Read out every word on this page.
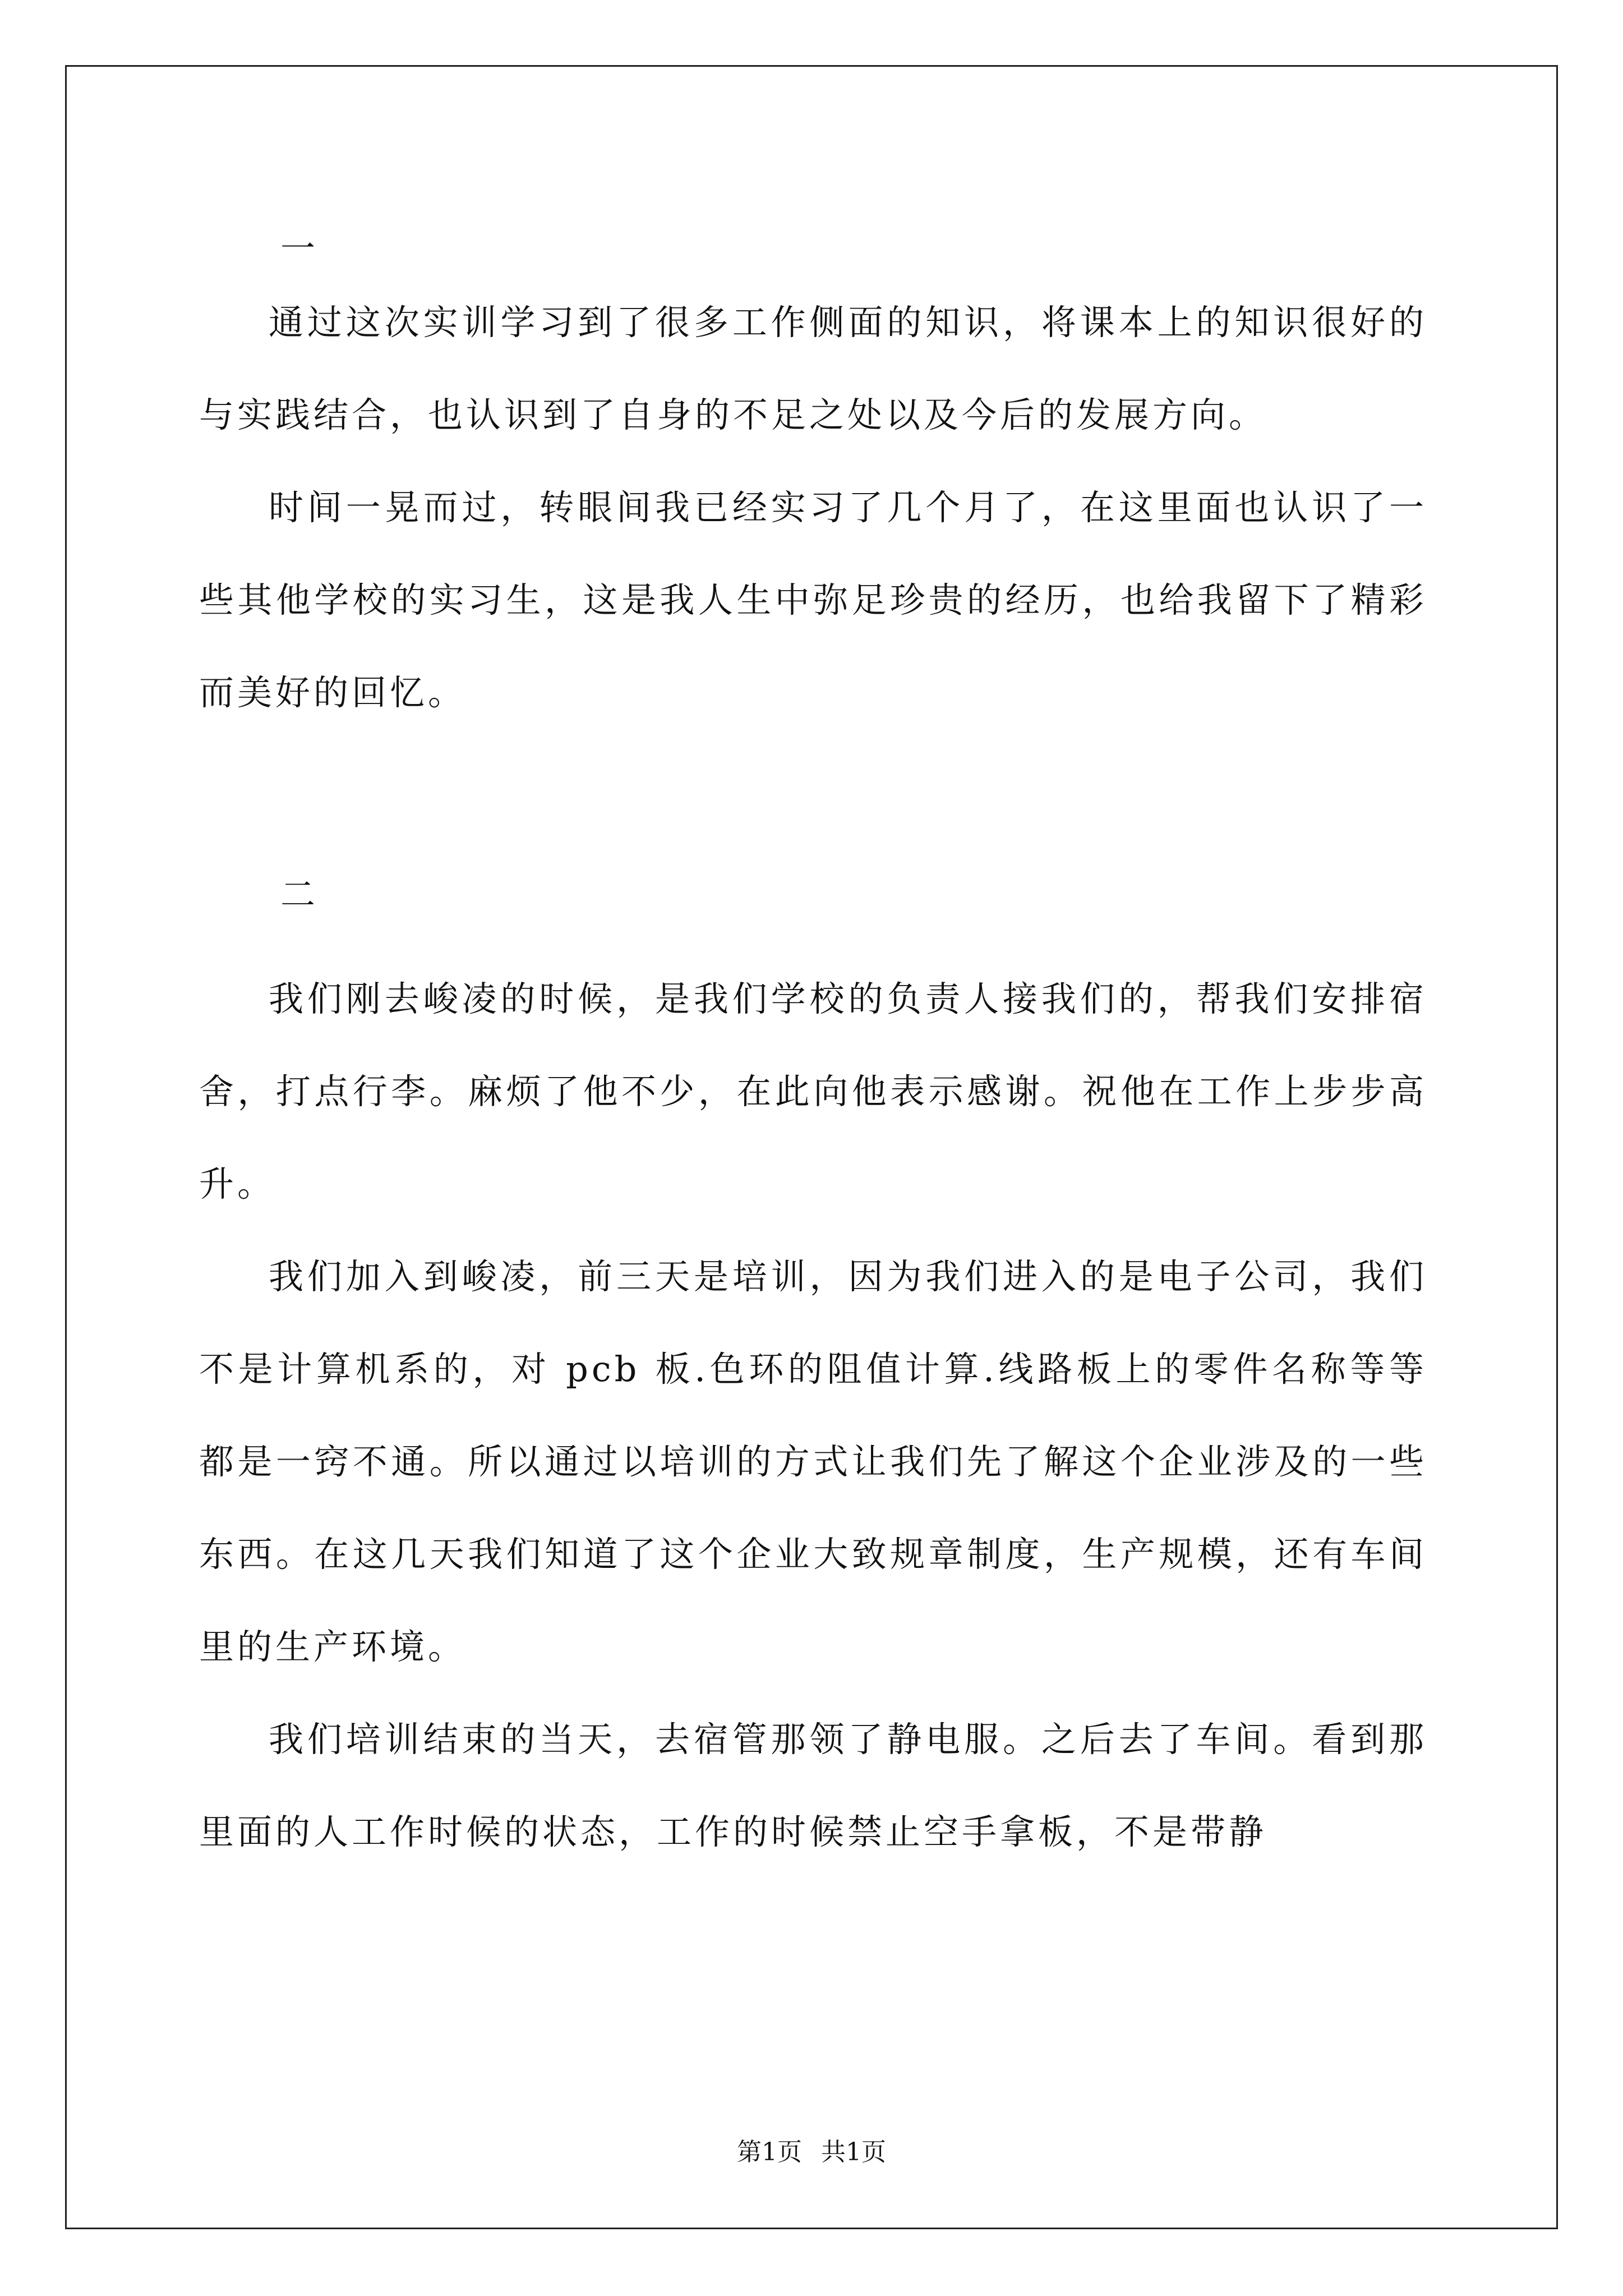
一

通过这次实训学习到了很多工作侧面的知识，将课本上的知识很好的与实践结合，也认识到了自身的不足之处以及今后的发展方向。

时间一晃而过，转眼间我已经实习了几个月了，在这里面也认识了一些其他学校的实习生，这是我人生中弥足珍贵的经历，也给我留下了精彩而美好的回忆。

二

我们刚去峻凌的时候，是我们学校的负责人接我们的，帮我们安排宿舍，打点行李。麻烦了他不少，在此向他表示感谢。祝他在工作上步步高升。

我们加入到峻凌，前三天是培训，因为我们进入的是电子公司，我们不是计算机系的，对 pcb 板.色环的阻值计算.线路板上的零件名称等等都是一窍不通。所以通过以培训的方式让我们先了解这个企业涉及的一些东西。在这几天我们知道了这个企业大致规章制度，生产规模，还有车间里的生产环境。

我们培训结束的当天，去宿管那领了静电服。之后去了车间。看到那里面的人工作时候的状态，工作的时候禁止空手拿板，不是带静

第1页 共1页
